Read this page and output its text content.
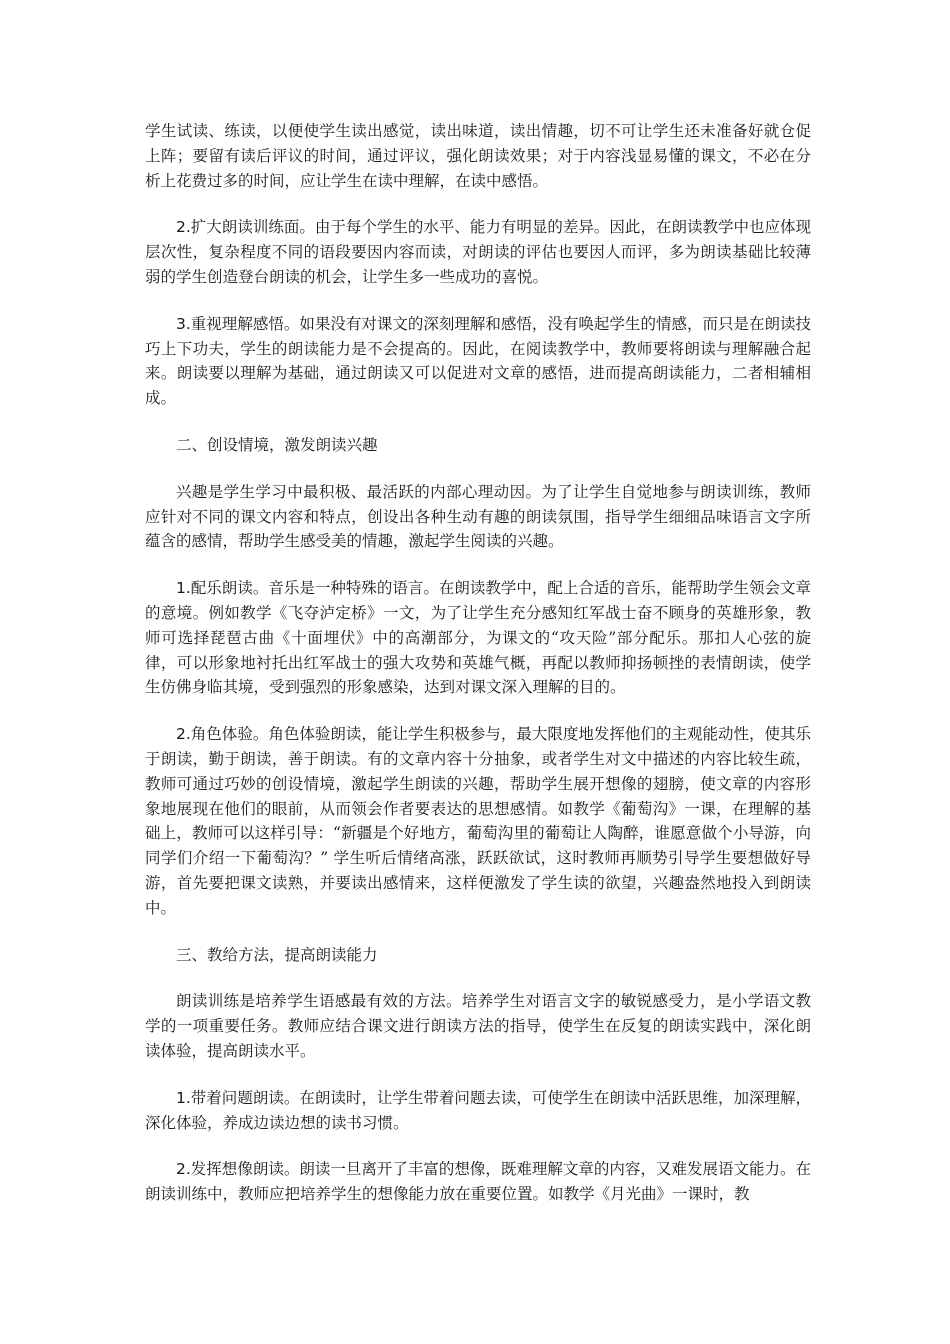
学生试读、练读，以便使学生读出感觉，读出味道，读出情趣，切不可让学生还未准备好就仓促上阵；要留有读后评议的时间，通过评议，强化朗读效果；对于内容浅显易懂的课文，不必在分析上花费过多的时间，应让学生在读中理解，在读中感悟。

2.扩大朗读训练面。由于每个学生的水平、能力有明显的差异。因此，在朗读教学中也应体现层次性，复杂程度不同的语段要因内容而读，对朗读的评估也要因人而评，多为朗读基础比较薄弱的学生创造登台朗读的机会，让学生多一些成功的喜悦。

3.重视理解感悟。如果没有对课文的深刻理解和感悟，没有唤起学生的情感，而只是在朗读技巧上下功夫，学生的朗读能力是不会提高的。因此，在阅读教学中，教师要将朗读与理解融合起来。朗读要以理解为基础，通过朗读又可以促进对文章的感悟，进而提高朗读能力，二者相辅相成。

二、创设情境，激发朗读兴趣

兴趣是学生学习中最积极、最活跃的内部心理动因。为了让学生自觉地参与朗读训练，教师应针对不同的课文内容和特点，创设出各种生动有趣的朗读氛围，指导学生细细品味语言文字所蕴含的感情，帮助学生感受美的情趣，激起学生阅读的兴趣。

1.配乐朗读。音乐是一种特殊的语言。在朗读教学中，配上合适的音乐，能帮助学生领会文章的意境。例如教学《飞夺泸定桥》一文，为了让学生充分感知红军战士奋不顾身的英雄形象，教师可选择琵琶古曲《十面埋伏》中的高潮部分，为课文的“攻天险”部分配乐。那扣人心弦的旋律，可以形象地衬托出红军战士的强大攻势和英雄气概，再配以教师抑扬顿挫的表情朗读，使学生仿佛身临其境，受到强烈的形象感染，达到对课文深入理解的目的。

2.角色体验。角色体验朗读，能让学生积极参与，最大限度地发挥他们的主观能动性，使其乐于朗读，勤于朗读，善于朗读。有的文章内容十分抽象，或者学生对文中描述的内容比较生疏，教师可通过巧妙的创设情境，激起学生朗读的兴趣，帮助学生展开想像的翅膀，使文章的内容形象地展现在他们的眼前，从而领会作者要表达的思想感情。如教学《葡萄沟》一课，在理解的基础上，教师可以这样引导：“新疆是个好地方，葡萄沟里的葡萄让人陶醉，谁愿意做个小导游，向同学们介绍一下葡萄沟？” 学生听后情绪高涨，跃跃欲试，这时教师再顺势引导学生要想做好导游，首先要把课文读熟，并要读出感情来，这样便激发了学生读的欲望，兴趣盎然地投入到朗读中。

三、教给方法，提高朗读能力

朗读训练是培养学生语感最有效的方法。培养学生对语言文字的敏锐感受力，是小学语文教学的一项重要任务。教师应结合课文进行朗读方法的指导，使学生在反复的朗读实践中，深化朗读体验，提高朗读水平。

1.带着问题朗读。在朗读时，让学生带着问题去读，可使学生在朗读中活跃思维，加深理解，深化体验，养成边读边想的读书习惯。

2.发挥想像朗读。朗读一旦离开了丰富的想像，既难理解文章的内容，又难发展语文能力。在朗读训练中，教师应把培养学生的想像能力放在重要位置。如教学《月光曲》一课时，教
